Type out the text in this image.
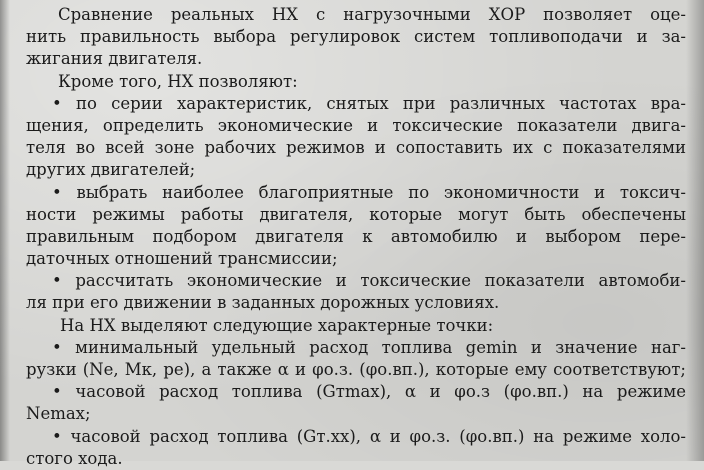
Сравнение реальных НХ с нагрузочными ХОР позволяет оце-
нить правильность выбора регулировок систем топливоподачи и за-
жигания двигателя.
Кроме того, НХ позволяют:
• по серии характеристик, снятых при различных частотах вра-
щения, определить экономические и токсические показатели двига-
теля во всей зоне рабочих режимов и сопоставить их с показателями
других двигателей;
• выбрать наиболее благоприятные по экономичности и токсич-
ности режимы работы двигателя, которые могут быть обеспечены
правильным подбором двигателя к автомобилю и выбором пере-
даточных отношений трансмиссии;
• рассчитать экономические и токсические показатели автомоби-
ля при его движении в заданных дорожных условиях.
На НХ выделяют следующие характерные точки:
• минимальный удельный расход топлива gemin и значение наг-
рузки (Ne, Mк, pe), а также α и φо.з. (φо.вп.), которые ему соответствуют;
• часовой расход топлива (Gтmax), α и φо.з (φо.вп.) на режиме
Nemax;
• часовой расход топлива (Gт.хх), α и φо.з. (φо.вп.) на режиме холо-
стого хода.
